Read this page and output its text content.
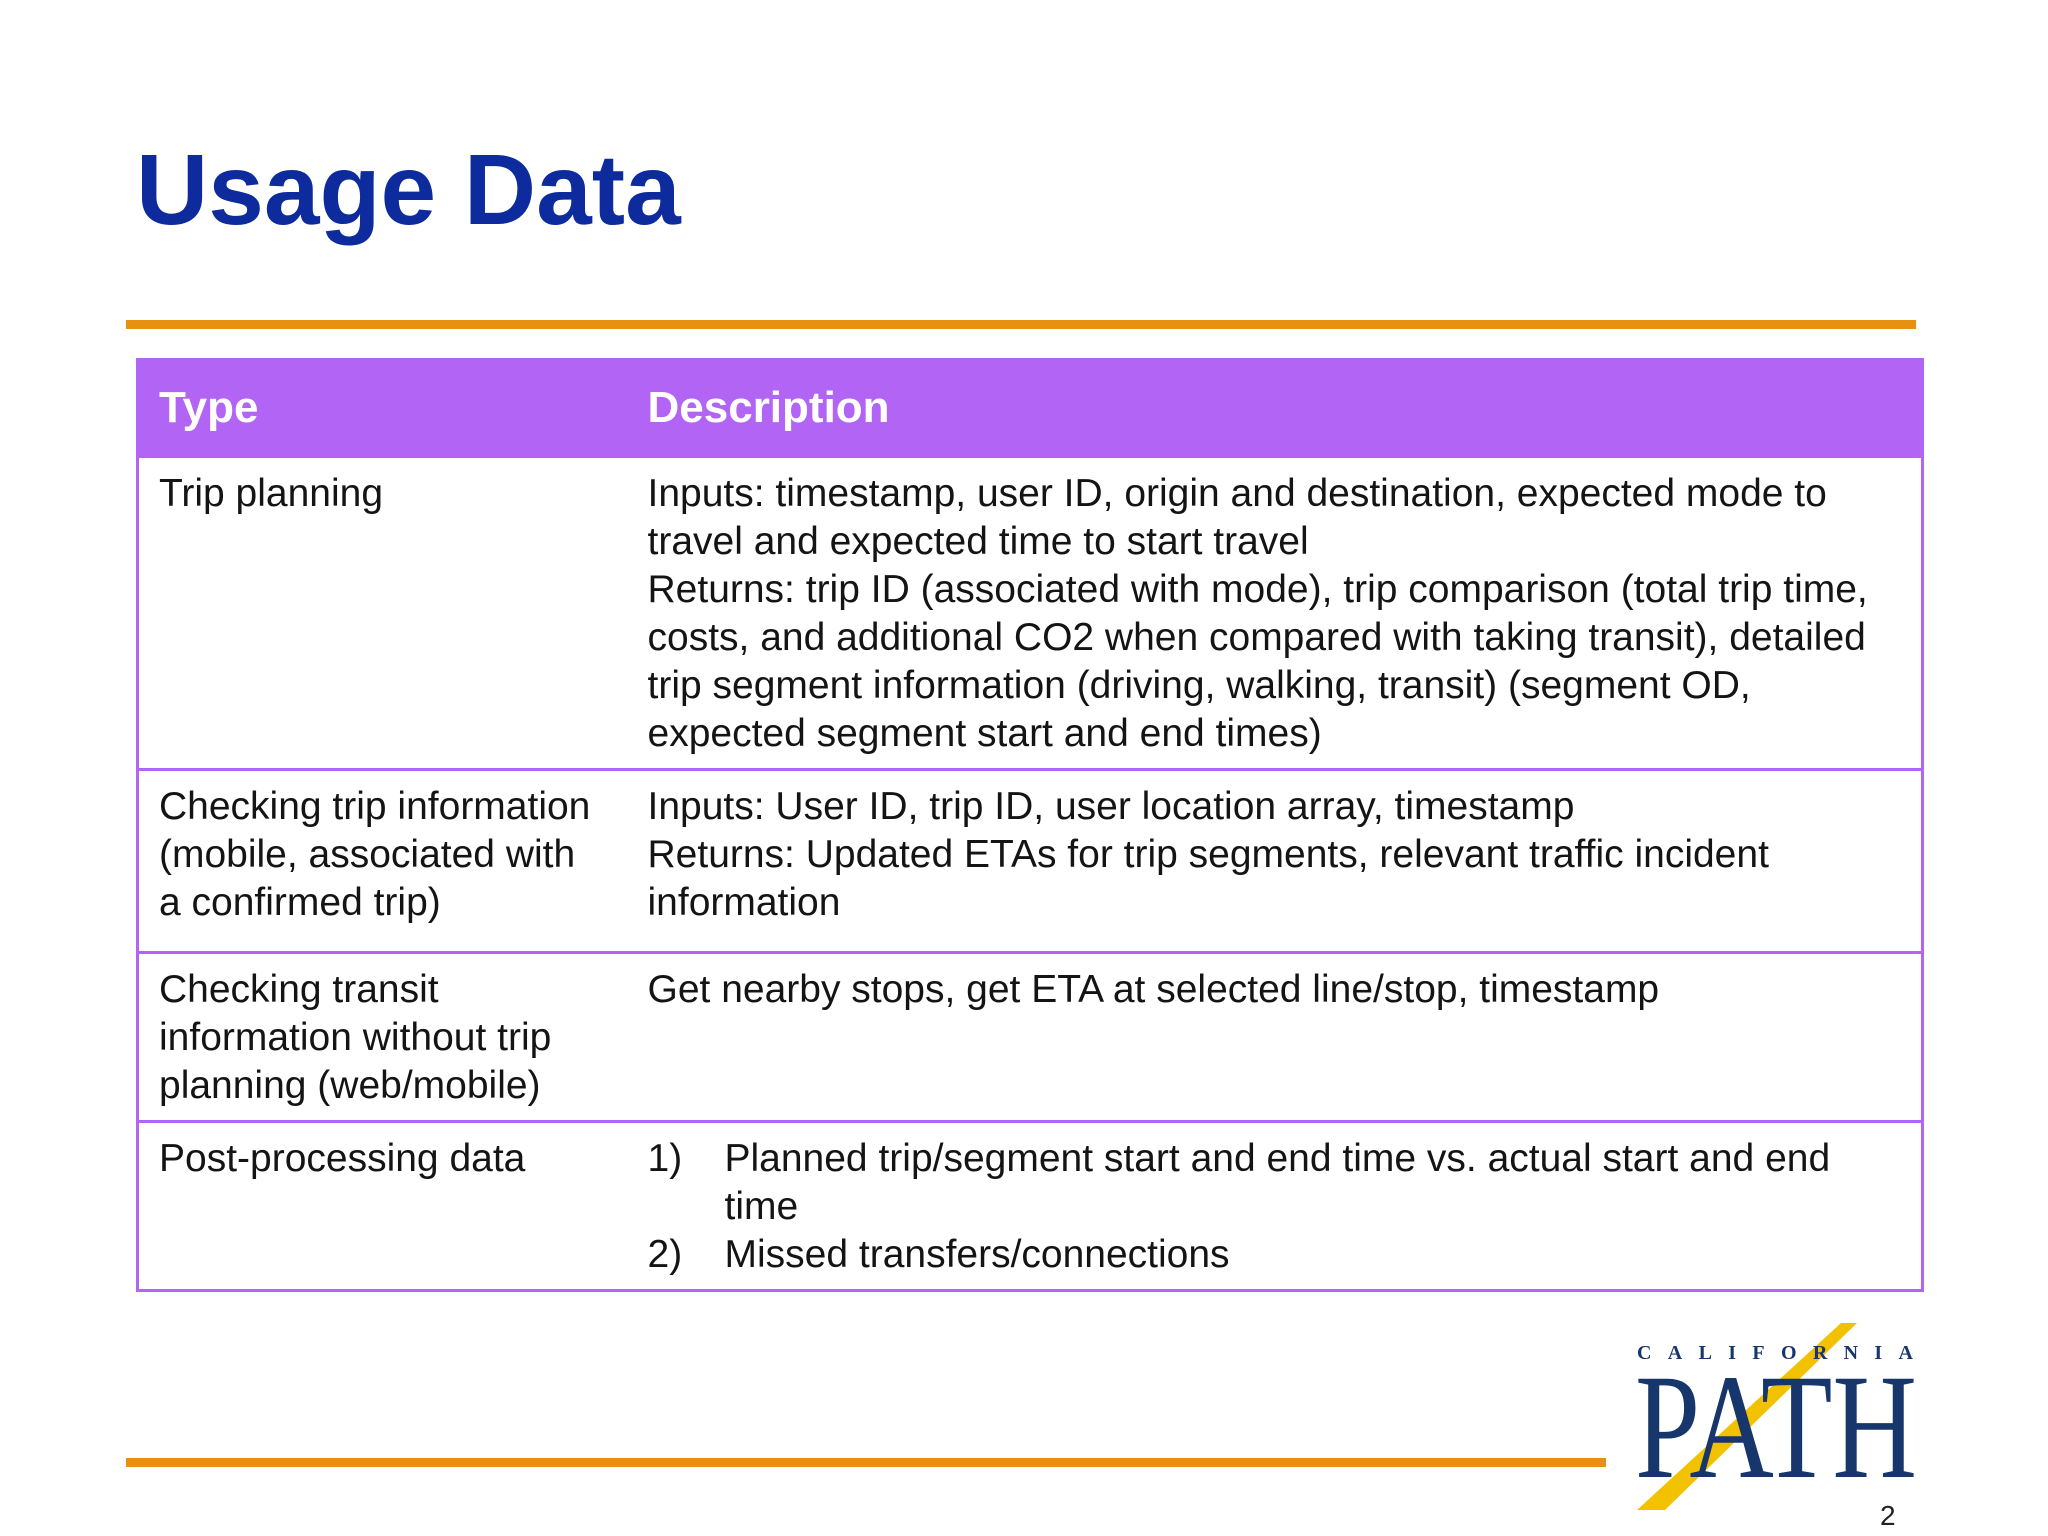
Usage Data
Type	Description
Trip planning	Inputs: timestamp, user ID, origin and destination, expected mode to travel and expected time to start travel
Returns: trip ID (associated with mode), trip comparison (total trip time, costs, and additional CO2 when compared with taking transit), detailed trip segment information (driving, walking, transit) (segment OD, expected segment start and end times)

Checking trip information (mobile, associated with a confirmed trip)	Inputs: User ID, trip ID, user location array, timestamp
Returns: Updated ETAs for trip segments, relevant traffic incident information

Checking transit information without trip planning (web/mobile)	Get nearby stops, get ETA at selected line/stop, timestamp

Post-processing data	1) Planned trip/segment start and end time vs. actual start and end time
2) Missed transfers/connections
CALIFORNIA
PATH
2
